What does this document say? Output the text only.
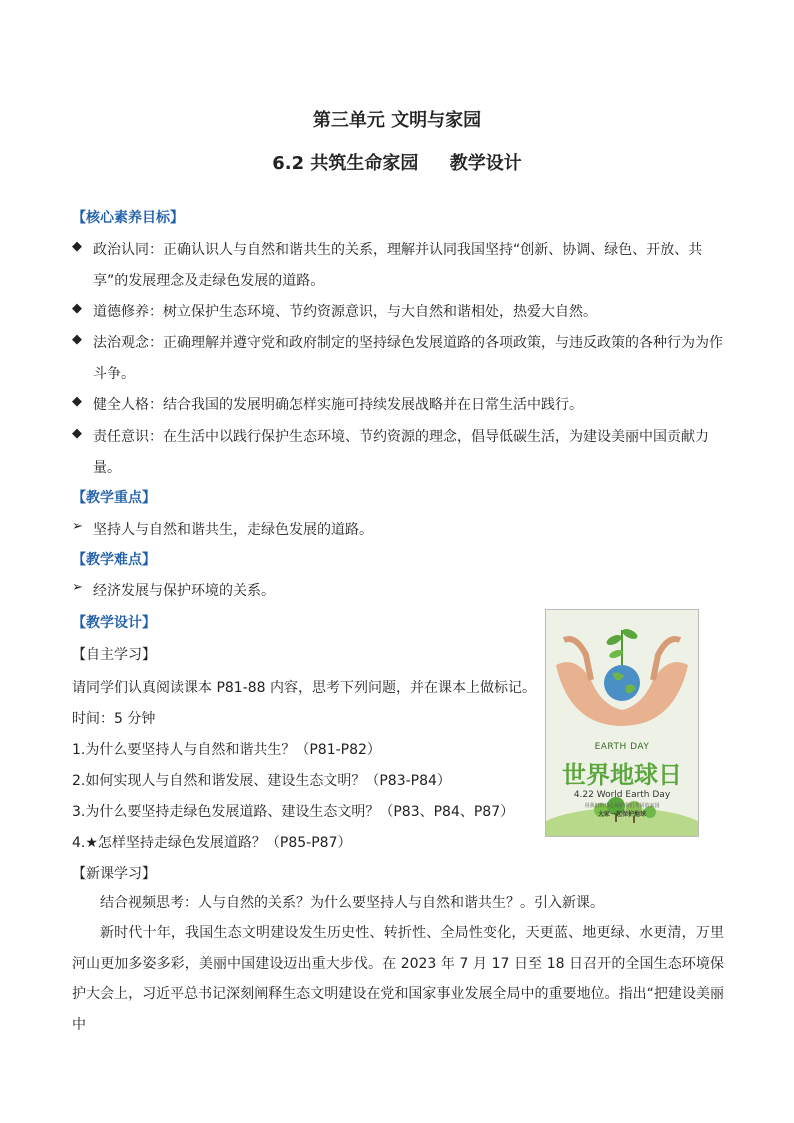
第三单元 文明与家园
6.2 共筑生命家园     教学设计
【核心素养目标】
◆ 政治认同：正确认识人与自然和谐共生的关系，理解并认同我国坚持“创新、协调、绿色、开放、共
享”的发展理念及走绿色发展的道路。
◆ 道德修养：树立保护生态环境、节约资源意识，与大自然和谐相处，热爱大自然。
◆ 法治观念：正确理解并遵守党和政府制定的坚持绿色发展道路的各项政策，与违反政策的各种行为为作
斗争。
◆ 健全人格：结合我国的发展明确怎样实施可持续发展战略并在日常生活中践行。
◆ 责任意识：在生活中以践行保护生态环境、节约资源的理念，倡导低碳生活，为建设美丽中国贡献力
量。
【教学重点】
➢ 坚持人与自然和谐共生，走绿色发展的道路。
【教学难点】
➢ 经济发展与保护环境的关系。
【教学设计】
【自主学习】
请同学们认真阅读课本 P81-88 内容，思考下列问题，并在课本上做标记。
时间：5 分钟
1.为什么要坚持人与自然和谐共生？（P81-P82）
2.如何实现人与自然和谐发展、建设生态文明？（P83-P84）
3.为什么要坚持走绿色发展道路、建设生态文明？（P83、P84、P87）
4.★怎样坚持走绿色发展道路？（P85-P87）
【新课学习】
结合视频思考：人与自然的关系？为什么要坚持人与自然和谐共生？。引入新课。
新时代十年，我国生态文明建设发生历史性、转折性、全局性变化，天更蓝、地更绿、水更清，万里河山更加多姿多彩，美丽中国建设迈出重大步伐。在 2023 年 7 月 17 日至 18 日召开的全国生态环境保护大会上，习近平总书记深刻阐释生态文明建设在党和国家事业发展全局中的重要地位。指出“把建设美丽中
EARTH DAY
世界地球日
4.22 World Earth Day
用我们的热心保护我们共同的家园
大家一起保护地球
